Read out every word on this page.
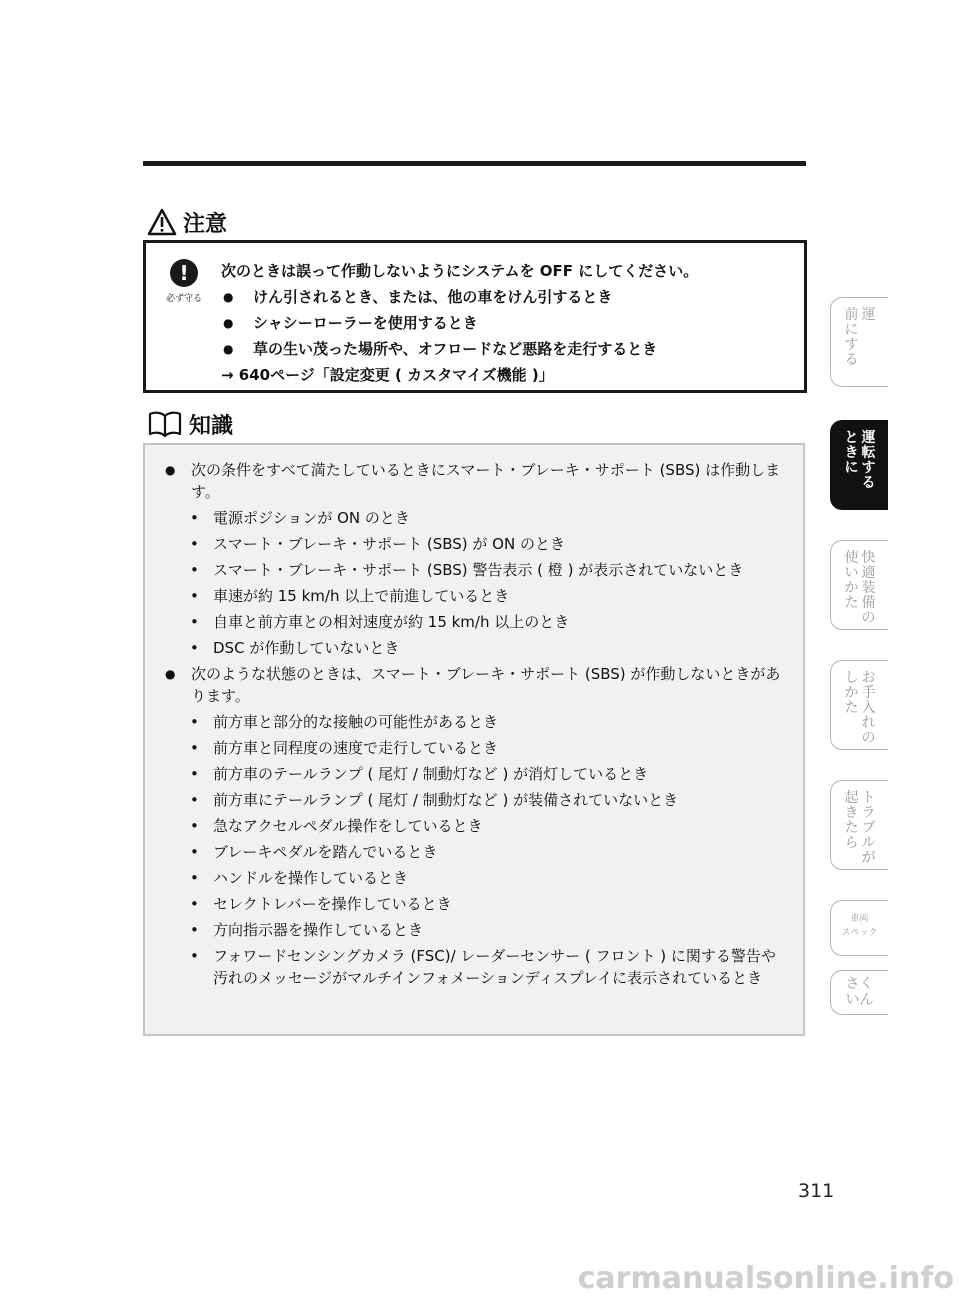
注意
!
必ず守る
次のときは誤って作動しないようにシステムを OFF にしてください。
● けん引されるとき、または、他の車をけん引するとき
● シャシーローラーを使用するとき
● 草の生い茂った場所や、オフロードなど悪路を走行するとき
→ 640ページ「設定変更 ( カスタマイズ機能 )」
知識
● 次の条件をすべて満たしているときにスマート・ブレーキ・サポート (SBS) は作動します。
• 電源ポジションが ON のとき
• スマート・ブレーキ・サポート (SBS) が ON のとき
• スマート・ブレーキ・サポート (SBS) 警告表示 ( 橙 ) が表示されていないとき
• 車速が約 15 km/h 以上で前進しているとき
• 自車と前方車との相対速度が約 15 km/h 以上のとき
• DSC が作動していないとき
● 次のような状態のときは、スマート・ブレーキ・サポート (SBS) が作動しないときがあります。
• 前方車と部分的な接触の可能性があるとき
• 前方車と同程度の速度で走行しているとき
• 前方車のテールランプ ( 尾灯 / 制動灯など ) が消灯しているとき
• 前方車にテールランプ ( 尾灯 / 制動灯など ) が装備されていないとき
• 急なアクセルペダル操作をしているとき
• ブレーキペダルを踏んでいるとき
• ハンドルを操作しているとき
• セレクトレバーを操作しているとき
• 方向指示器を操作しているとき
• フォワードセンシングカメラ (FSC)/ レーダーセンサー ( フロント ) に関する警告や汚れのメッセージがマルチインフォメーションディスプレイに表示されているとき
運
前にする
運転する
ときに
快適装備の
使いかた
お手入れの
しかた
トラブルが
起きたら
車両
スペック
さく
いん
311
carmanualsonline.info
